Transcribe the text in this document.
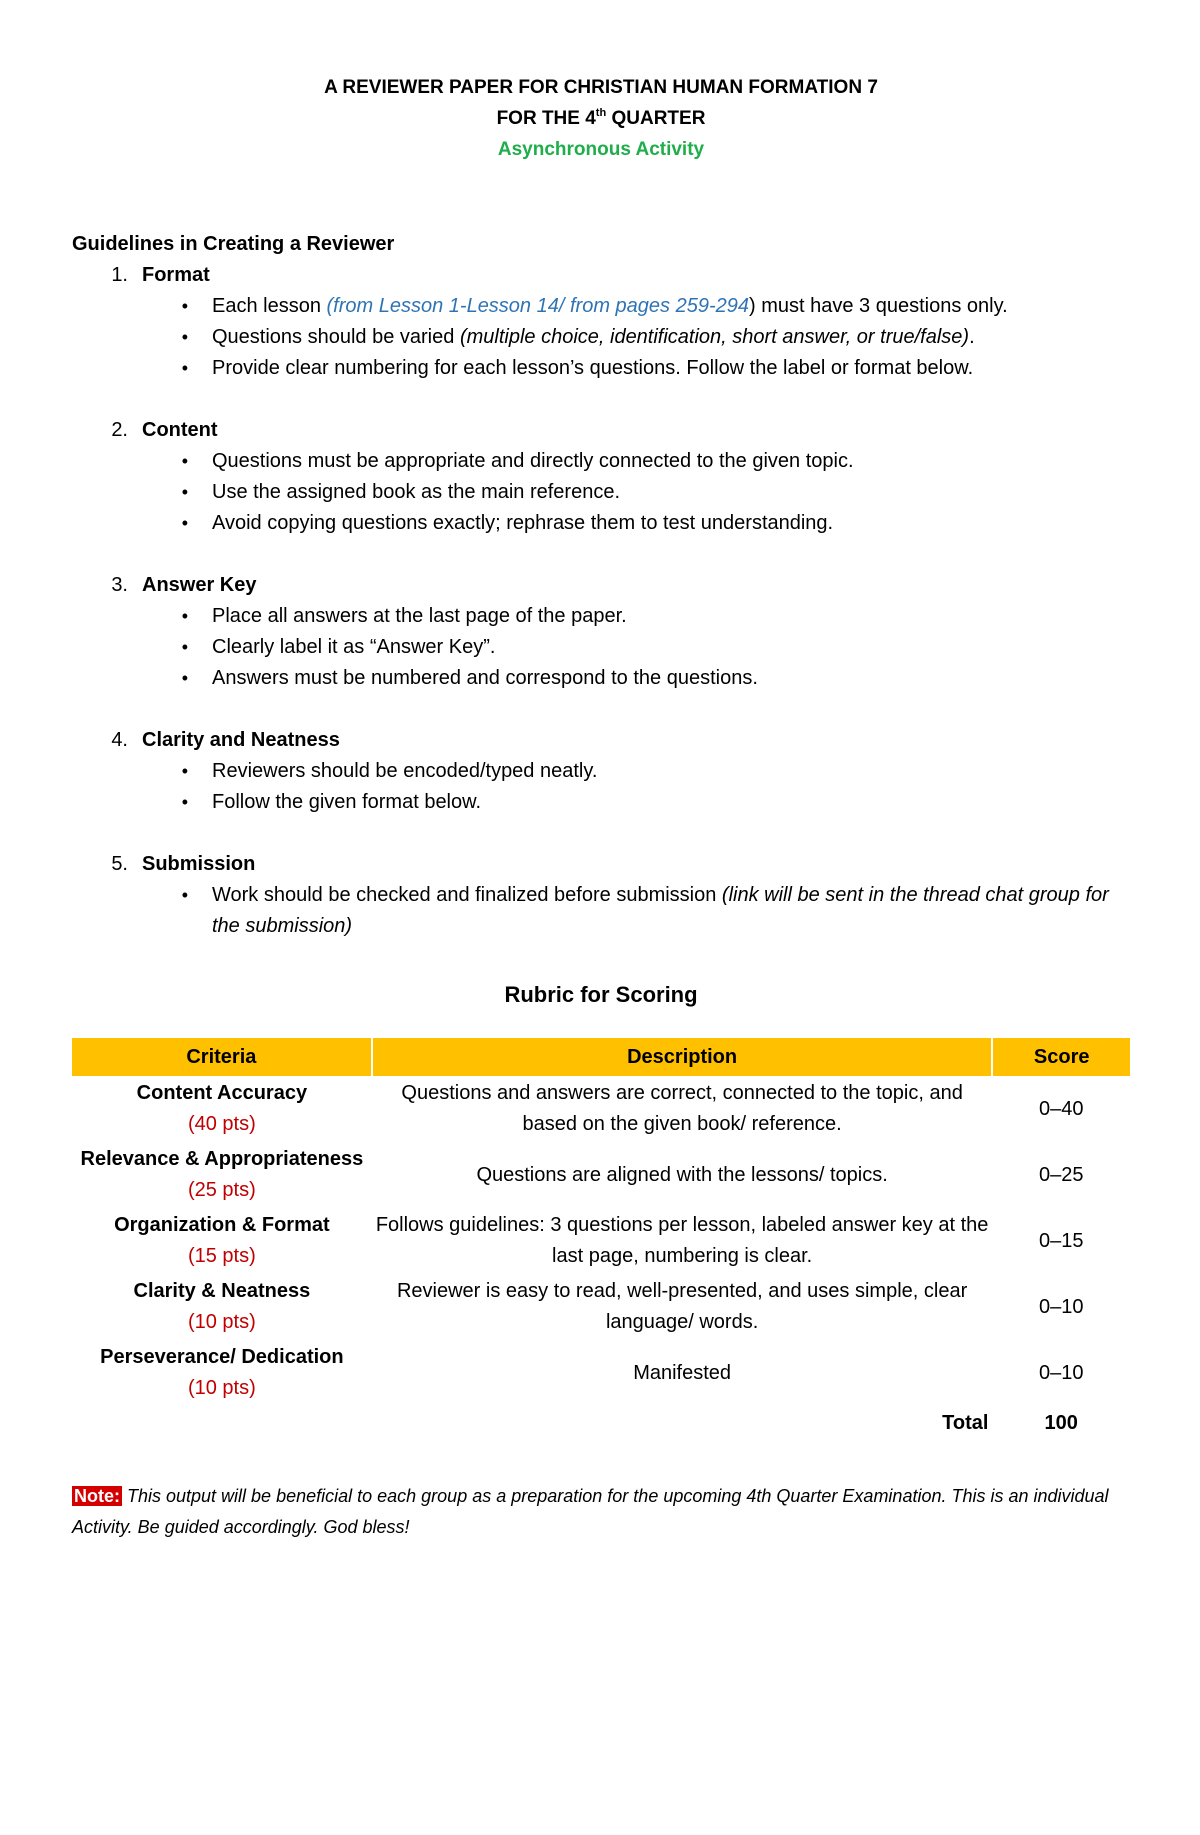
A REVIEWER PAPER FOR CHRISTIAN HUMAN FORMATION 7
FOR THE 4th QUARTER
Asynchronous Activity
Guidelines in Creating a Reviewer
1. Format
•	Each lesson (from Lesson 1-Lesson 14/ from pages 259-294) must have 3 questions only.
•	Questions should be varied (multiple choice, identification, short answer, or true/false).
•	Provide clear numbering for each lesson’s questions. Follow the label or format below.
2. Content
•	Questions must be appropriate and directly connected to the given topic.
•	Use the assigned book as the main reference.
•	Avoid copying questions exactly; rephrase them to test understanding.
3. Answer Key
•	Place all answers at the last page of the paper.
•	Clearly label it as “Answer Key”.
•	Answers must be numbered and correspond to the questions.
4. Clarity and Neatness
•	Reviewers should be encoded/typed neatly.
•	Follow the given format below.
5. Submission
•	Work should be checked and finalized before submission (link will be sent in the thread chat group for the submission)
Rubric for Scoring
Criteria	Description	Score

Content Accuracy
(40 pts)	Questions and answers are correct, connected to the topic, and based on the given book/ reference.	0–40

Relevance & Appropriateness
(25 pts)	Questions are aligned with the lessons/ topics.	0–25

Organization & Format
(15 pts)	Follows guidelines: 3 questions per lesson, labeled answer key at the last page, numbering is clear.	0–15

Clarity & Neatness
(10 pts)	Reviewer is easy to read, well-presented, and uses simple, clear language/ words.	0–10

Perseverance/ Dedication
(10 pts)	Manifested	0–10
	Total	100
Note: This output will be beneficial to each group as a preparation for the upcoming 4th Quarter Examination. This is an individual Activity. Be guided accordingly. God bless!
